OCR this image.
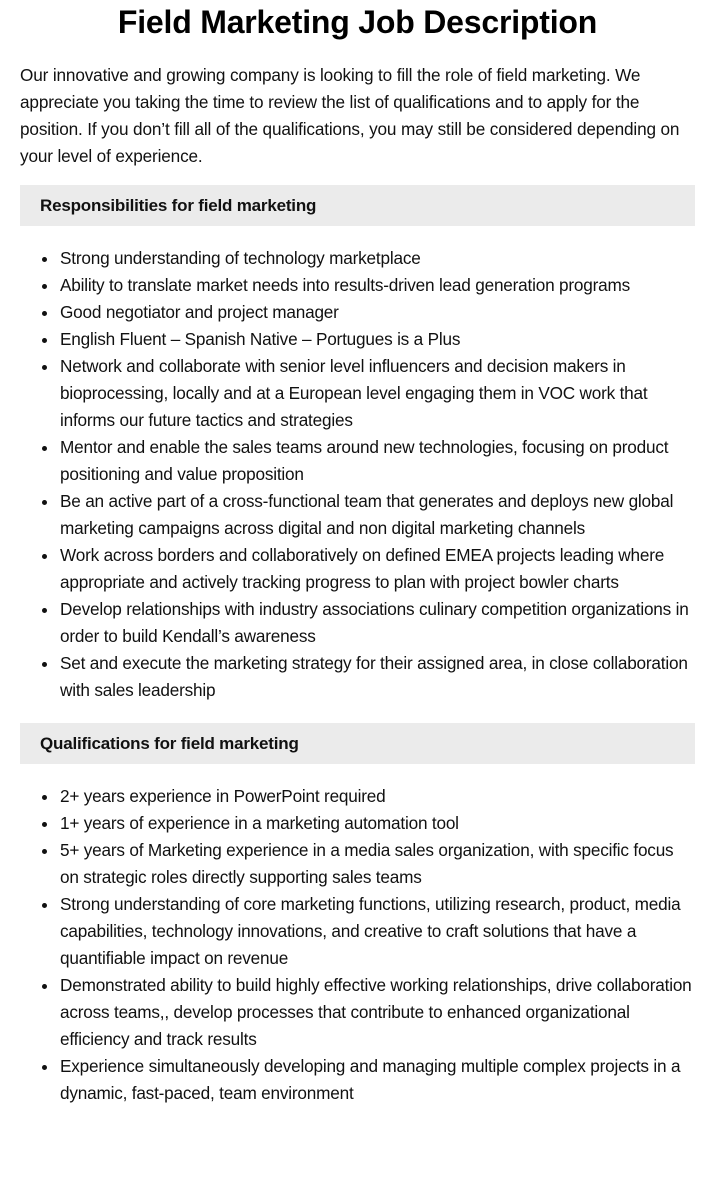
Field Marketing Job Description

Our innovative and growing company is looking to fill the role of field marketing. We appreciate you taking the time to review the list of qualifications and to apply for the position. If you don’t fill all of the qualifications, you may still be considered depending on your level of experience.

Responsibilities for field marketing
Strong understanding of technology marketplace
Ability to translate market needs into results-driven lead generation programs
Good negotiator and project manager
English Fluent – Spanish Native – Portugues is a Plus
Network and collaborate with senior level influencers and decision makers in bioprocessing, locally and at a European level engaging them in VOC work that informs our future tactics and strategies
Mentor and enable the sales teams around new technologies, focusing on product positioning and value proposition
Be an active part of a cross-functional team that generates and deploys new global marketing campaigns across digital and non digital marketing channels
Work across borders and collaboratively on defined EMEA projects leading where appropriate and actively tracking progress to plan with project bowler charts
Develop relationships with industry associations culinary competition organizations in order to build Kendall’s awareness
Set and execute the marketing strategy for their assigned area, in close collaboration with sales leadership
Qualifications for field marketing
2+ years experience in PowerPoint required
1+ years of experience in a marketing automation tool
5+ years of Marketing experience in a media sales organization, with specific focus on strategic roles directly supporting sales teams
Strong understanding of core marketing functions, utilizing research, product, media capabilities, technology innovations, and creative to craft solutions that have a quantifiable impact on revenue
Demonstrated ability to build highly effective working relationships, drive collaboration across teams,, develop processes that contribute to enhanced organizational efficiency and track results
Experience simultaneously developing and managing multiple complex projects in a dynamic, fast-paced, team environment
